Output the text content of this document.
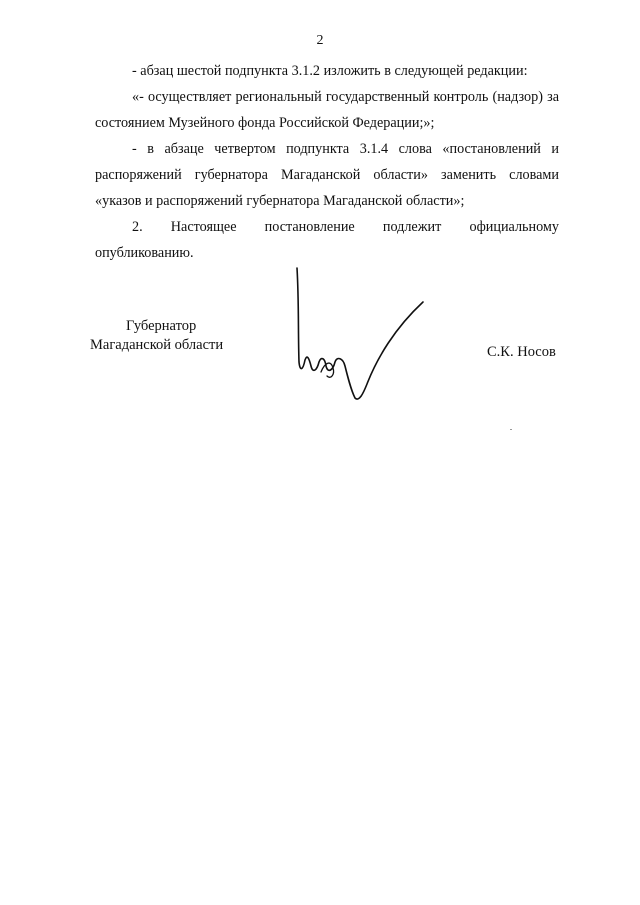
2

- абзац шестой подпункта 3.1.2 изложить в следующей редакции:

«- осуществляет региональный государственный контроль (надзор) за состоянием Музейного фонда Российской Федерации;»;

- в абзаце четвертом подпункта 3.1.4 слова «постановлений и распоряжений губернатора Магаданской области» заменить словами «указов и распоряжений губернатора Магаданской области»;

2. Настоящее постановление подлежит официальному опубликованию.

Губернатор
Магаданской области	С.К. Носов
